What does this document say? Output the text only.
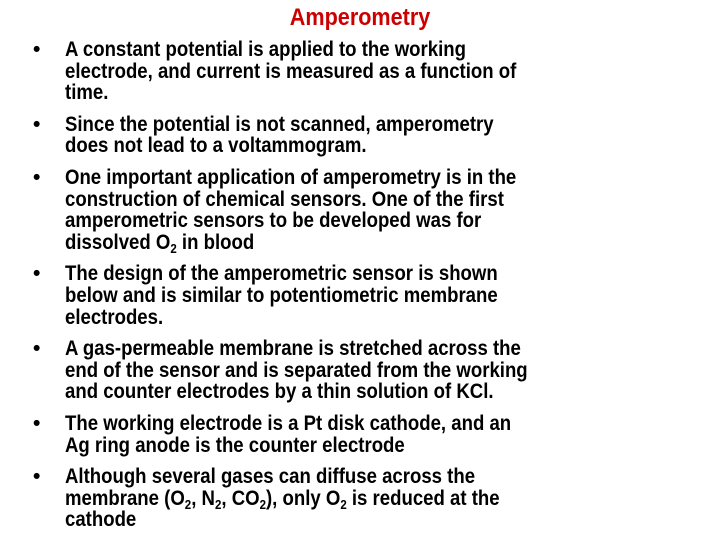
Amperometry
• A constant potential is applied to the working
electrode, and current is measured as a function of
time.
• Since the potential is not scanned, amperometry
does not lead to a voltammogram.
• One important application of amperometry is in the
construction of chemical sensors. One of the first
amperometric sensors to be developed was for
dissolved $O_2$ in blood
• The design of the amperometric sensor is shown
below and is similar to potentiometric membrane
electrodes.
• A gas-permeable membrane is stretched across the
end of the sensor and is separated from the working
and counter electrodes by a thin solution of KCl.
• The working electrode is a Pt disk cathode, and an
Ag ring anode is the counter electrode
• Although several gases can diffuse across the
membrane ($O_2$, $N_2$, $CO_2$), only $O_2$ is reduced at the
cathode
